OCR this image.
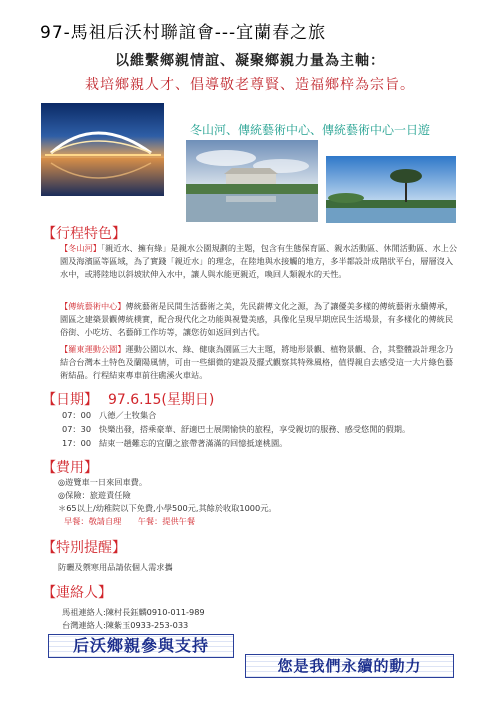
97-馬祖后沃村聯誼會---宜蘭春之旅
以維繫鄉親情誼、凝聚鄉親力量為主軸：
栽培鄉親人才、倡導敬老尊賢、造福鄉梓為宗旨。
冬山河、傳統藝術中心、傳統藝術中心一日遊
【行程特色】
【冬山河】「親近水、擁有綠」是親水公園規劃的主題，包含有生態保育區、親水活動區、休閒活動區、水上公園及海濱區等區域，為了實踐「親近水」的理念，在陸地與水接觸的地方，多半都設計成階狀平台，層層沒入水中，或將陸地以斜坡狀伸入水中，讓人與水能更親近，喚回人類親水的天性。
【傳統藝術中心】傳統藝術是民間生活藝術之美，先民薪傳文化之源，為了讓優美多樣的傳統藝術永續傳承，園區之建築景觀傳統樸實，配合現代化之功能與視覺美感，具像化呈現早期庶民生活場景，有多樣化的傳統民俗街、小吃坊、名藝師工作坊等，讓您彷如返回到古代。
【羅東運動公園】運動公園以水、綠、健康為園區三大主題，將地形景觀、植物景觀、合，其整體設計理念乃結合台灣本土特色及蘭陽風情，可由一些細微的建設及擺式觀察其特殊風格，值得親自去感受這一大片綠色藝術結晶。行程結束專車前往礁溪火車站。
【日期】 97.6.15(星期日)
07：00 八德／土牧集合
07：30 快樂出發，搭乘豪華、舒適巴士展開愉快的旅程，享受親切的服務、感受悠閒的假期。
17：00 結束一趟難忘的宜蘭之旅帶著滿滿的回憶抵達桃園。
【費用】
◎遊覽車一日來回車費。
◎保險：旅遊責任險
＊65以上/幼稚院以下免費,小學500元,其餘於收取1000元。
早餐：敬請自理　　午餐：提供午餐
【特別提醒】
防曬及禦寒用品請依個人需求攜
【連絡人】
馬祖連絡人:陳村長鈺麟0910-011-989
台灣連絡人:陳紫玉0933-253-033
后沃鄉親參與支持
您是我們永續的動力
